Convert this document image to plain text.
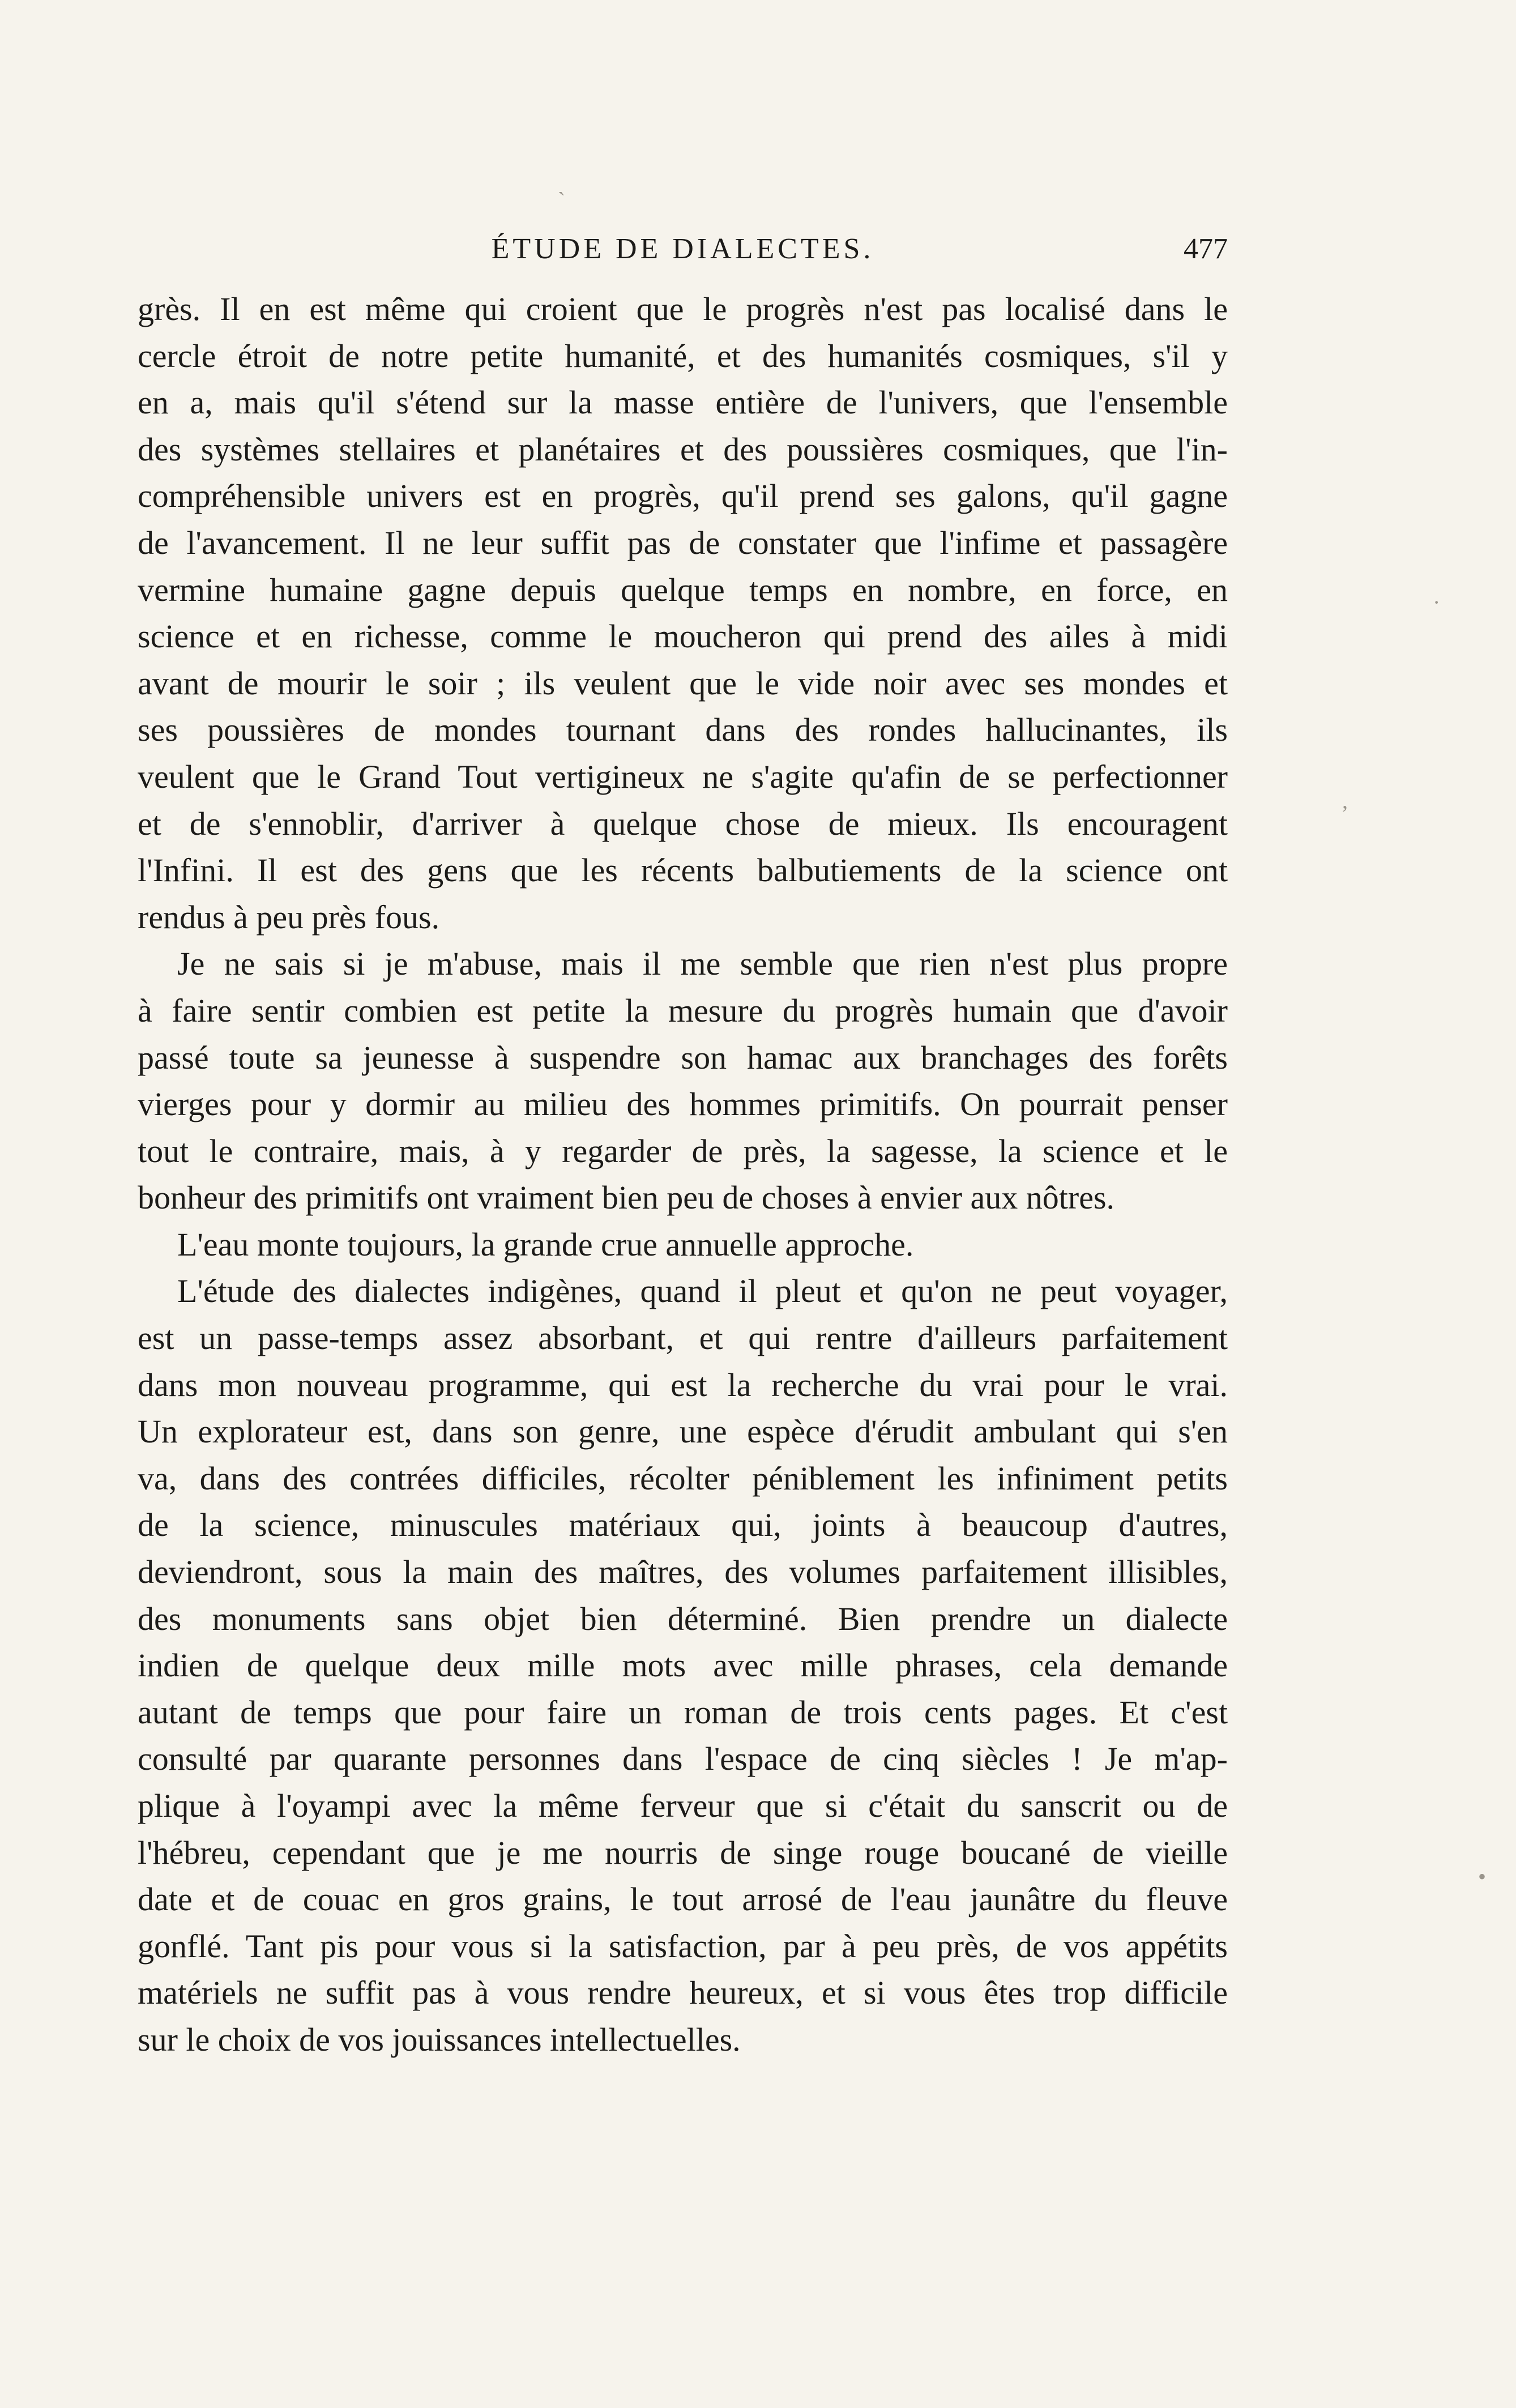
`
ÉTUDE DE DIALECTES.	477
grès. Il en est même qui croient que le progrès n'est pas localisé dans le
cercle étroit de notre petite humanité, et des humanités cosmiques, s'il y
en a, mais qu'il s'étend sur la masse entière de l'univers, que l'ensemble
des systèmes stellaires et planétaires et des poussières cosmiques, que l'in-
compréhensible univers est en progrès, qu'il prend ses galons, qu'il gagne
de l'avancement. Il ne leur suffit pas de constater que l'infime et passagère
vermine humaine gagne depuis quelque temps en nombre, en force, en
science et en richesse, comme le moucheron qui prend des ailes à midi
avant de mourir le soir ; ils veulent que le vide noir avec ses mondes et
ses poussières de mondes tournant dans des rondes hallucinantes, ils
veulent que le Grand Tout vertigineux ne s'agite qu'afin de se perfectionner
et de s'ennoblir, d'arriver à quelque chose de mieux. Ils encouragent
l'Infini. Il est des gens que les récents balbutiements de la science ont
rendus à peu près fous.
Je ne sais si je m'abuse, mais il me semble que rien n'est plus propre
à faire sentir combien est petite la mesure du progrès humain que d'avoir
passé toute sa jeunesse à suspendre son hamac aux branchages des forêts
vierges pour y dormir au milieu des hommes primitifs. On pourrait penser
tout le contraire, mais, à y regarder de près, la sagesse, la science et le
bonheur des primitifs ont vraiment bien peu de choses à envier aux nôtres.
L'eau monte toujours, la grande crue annuelle approche.
L'étude des dialectes indigènes, quand il pleut et qu'on ne peut voyager,
est un passe-temps assez absorbant, et qui rentre d'ailleurs parfaitement
dans mon nouveau programme, qui est la recherche du vrai pour le vrai.
Un explorateur est, dans son genre, une espèce d'érudit ambulant qui s'en
va, dans des contrées difficiles, récolter péniblement les infiniment petits
de la science, minuscules matériaux qui, joints à beaucoup d'autres,
deviendront, sous la main des maîtres, des volumes parfaitement illisibles,
des monuments sans objet bien déterminé. Bien prendre un dialecte
indien de quelque deux mille mots avec mille phrases, cela demande
autant de temps que pour faire un roman de trois cents pages. Et c'est
consulté par quarante personnes dans l'espace de cinq siècles ! Je m'ap-
plique à l'oyampi avec la même ferveur que si c'était du sanscrit ou de
l'hébreu, cependant que je me nourris de singe rouge boucané de vieille
date et de couac en gros grains, le tout arrosé de l'eau jaunâtre du fleuve
gonflé. Tant pis pour vous si la satisfaction, par à peu près, de vos appétits
matériels ne suffit pas à vous rendre heureux, et si vous êtes trop difficile
sur le choix de vos jouissances intellectuelles.
·
,
•
